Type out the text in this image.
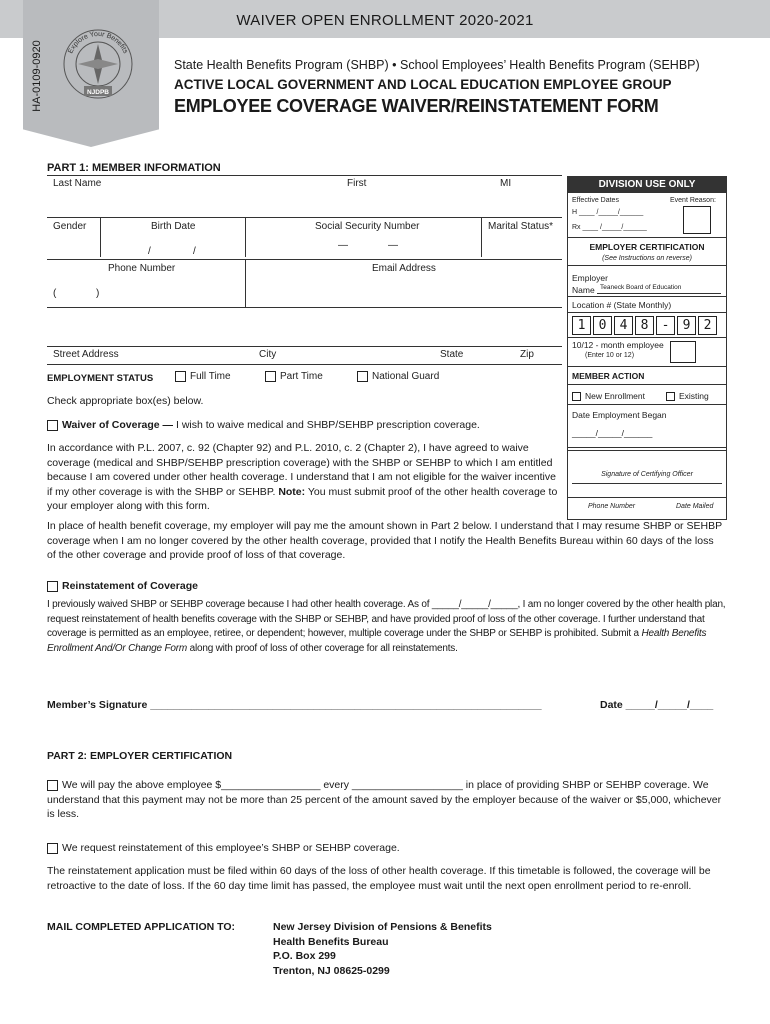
WAIVER OPEN ENROLLMENT 2020-2021
HA-0109-0920	Explore Your Benefits
NJDPB
State Health Benefits Program (SHBP) • School Employees’ Health Benefits Program (SEHBP)
ACTIVE LOCAL GOVERNMENT AND LOCAL EDUCATION EMPLOYEE GROUP
EMPLOYEE COVERAGE WAIVER/REINSTATEMENT FORM
PART 1: MEMBER INFORMATION
Last Name	First	MI
Gender	Birth Date	Social Security Number	Marital Status*
/	/
—	—
Phone Number	Email Address
(	)
Street Address	City	State	Zip
EMPLOYMENT STATUS	Full Time	Part Time	National Guard
Check appropriate box(es) below.
Waiver of Coverage — I wish to waive medical and SHBP/SEHBP prescription coverage.
In accordance with P.L. 2007, c. 92 (Chapter 92) and P.L. 2010, c. 2 (Chapter 2), I have agreed to waive coverage (medical and SHBP/SEHBP prescription coverage) with the SHBP or SEHBP to which I am entitled because I am covered under other health coverage. I understand that I am not eligible for the waiver incentive if my other coverage is with the SHBP or SEHBP. Note: You must submit proof of the other health coverage to your employer along with this form.
In place of health benefit coverage, my employer will pay me the amount shown in Part 2 below. I understand that I may resume SHBP or SEHBP coverage when I am no longer covered by the other health coverage, provided that I notify the Health Benefits Bureau within 60 days of the loss of the other coverage and provide proof of loss of that coverage.
Reinstatement of Coverage
I previously waived SHBP or SEHBP coverage because I had other health coverage. As of _____/_____/_____, I am no longer covered by the other health plan, request reinstatement of health benefits coverage with the SHBP or SEHBP, and have provided proof of loss of the other coverage. I further understand that coverage is permitted as an employee, retiree, or dependent; however, multiple coverage under the SHBP or SEHBP is prohibited. Submit a Health Benefits Enrollment And/Or Change Form along with proof of loss of other coverage for all reinstatements.
Member’s Signature ___________________________________________________________________	Date _____/_____/____
DIVISION USE ONLY
Effective Dates	Event Reason:
H ____ /_____/______
Rx ____ /_____/______
EMPLOYER CERTIFICATION
(See Instructions on reverse)
Employer
Name Teaneck Board of Education
Location # (State Monthly)
1	0	4	8	-	9	2
10/12 - month employee
(Enter 10 or 12)
MEMBER ACTION
New Enrollment	Existing
Date Employment Began
_____/_____/______
Signature of Certifying Officer
Phone Number	Date Mailed
PART 2: EMPLOYER CERTIFICATION
We will pay the above employee $_________________ every ___________________ in place of providing SHBP or SEHBP coverage. We understand that this payment may not be more than 25 percent of the amount saved by the employer because of the waiver or $5,000, whichever is less.
We request reinstatement of this employee’s SHBP or SEHBP coverage.
The reinstatement application must be filed within 60 days of the loss of other health coverage. If this timetable is followed, the coverage will be retroactive to the date of loss. If the 60 day time limit has passed, the employee must wait until the next open enrollment period to re-enroll.
MAIL COMPLETED APPLICATION TO:	New Jersey Division of Pensions & Benefits
Health Benefits Bureau
P.O. Box 299
Trenton, NJ 08625-0299
